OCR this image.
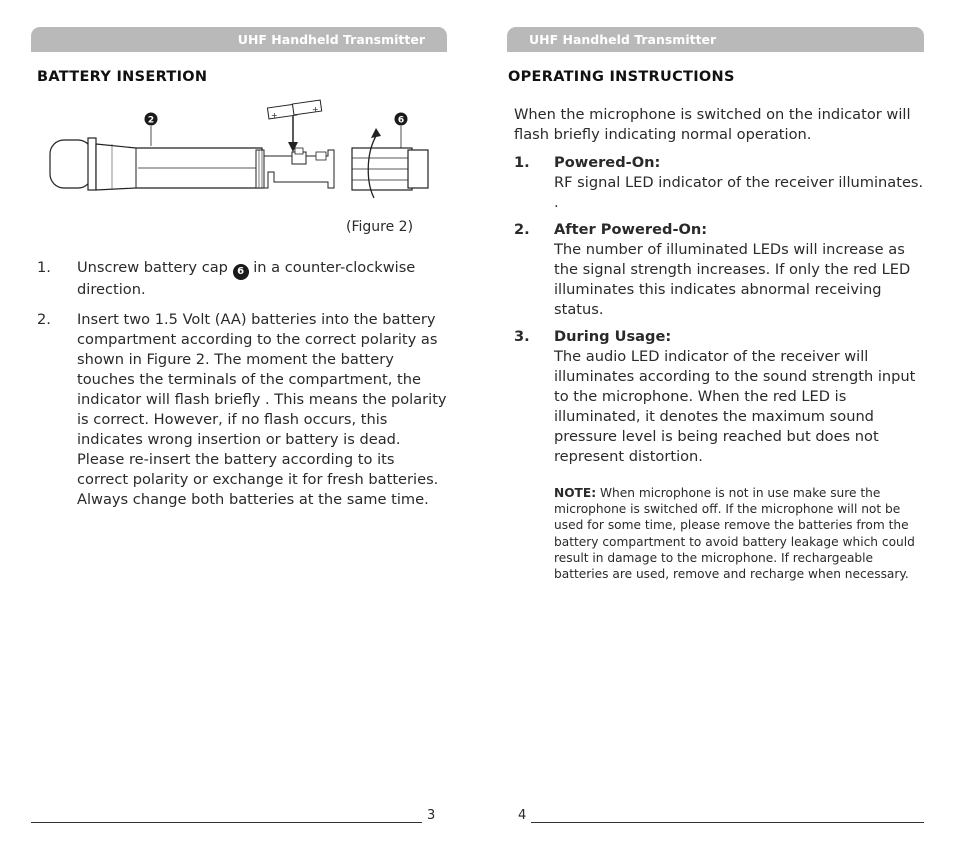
UHF Handheld Transmitter
BATTERY INSERTION
+
+
2	6

(Figure 2)

1. Unscrew battery cap 6 in a counter-clockwise direction.
2. Insert two 1.5 Volt (AA) batteries into the battery compartment according to the correct polarity as shown in Figure 2. The moment the battery touches the terminals of the compartment, the indicator will flash briefly . This means the polarity is correct. However, if no flash occurs, this indicates wrong insertion or battery is dead. Please re-insert the battery according to its correct polarity or exchange it for fresh batteries. Always change both batteries at the same time.
3
UHF Handheld Transmitter
OPERATING INSTRUCTIONS

When the microphone is switched on the indicator will flash briefly indicating normal operation.

1. Powered-On:
RF signal LED indicator of the receiver illuminates. .
2. After Powered-On:
The number of illuminated LEDs will increase as the signal strength increases. If only the red LED illuminates this indicates abnormal receiving status.
3. During Usage:
The audio LED indicator of the receiver will illuminates according to the sound strength input to the microphone. When the red LED is illuminated, it denotes the maximum sound pressure level is being reached but does not represent distortion.

NOTE: When microphone is not in use make sure the microphone is switched off. If the microphone will not be used for some time, please remove the batteries from the battery compartment to avoid battery leakage which could result in damage to the microphone. If rechargeable batteries are used, remove and recharge when necessary.

4
